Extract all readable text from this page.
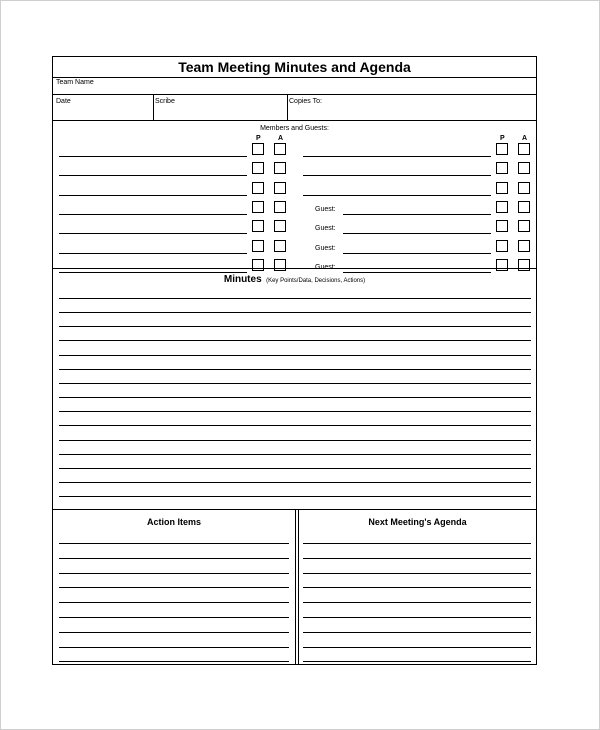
Team Meeting Minutes and Agenda
Team Name
Date	Scribe	Copies To:
Members and Guests:
P A	P A
Guest:
Guest:
Guest:
Guest:
Minutes (Key Points/Data, Decisions, Actions)
Action Items	Next Meeting's Agenda
